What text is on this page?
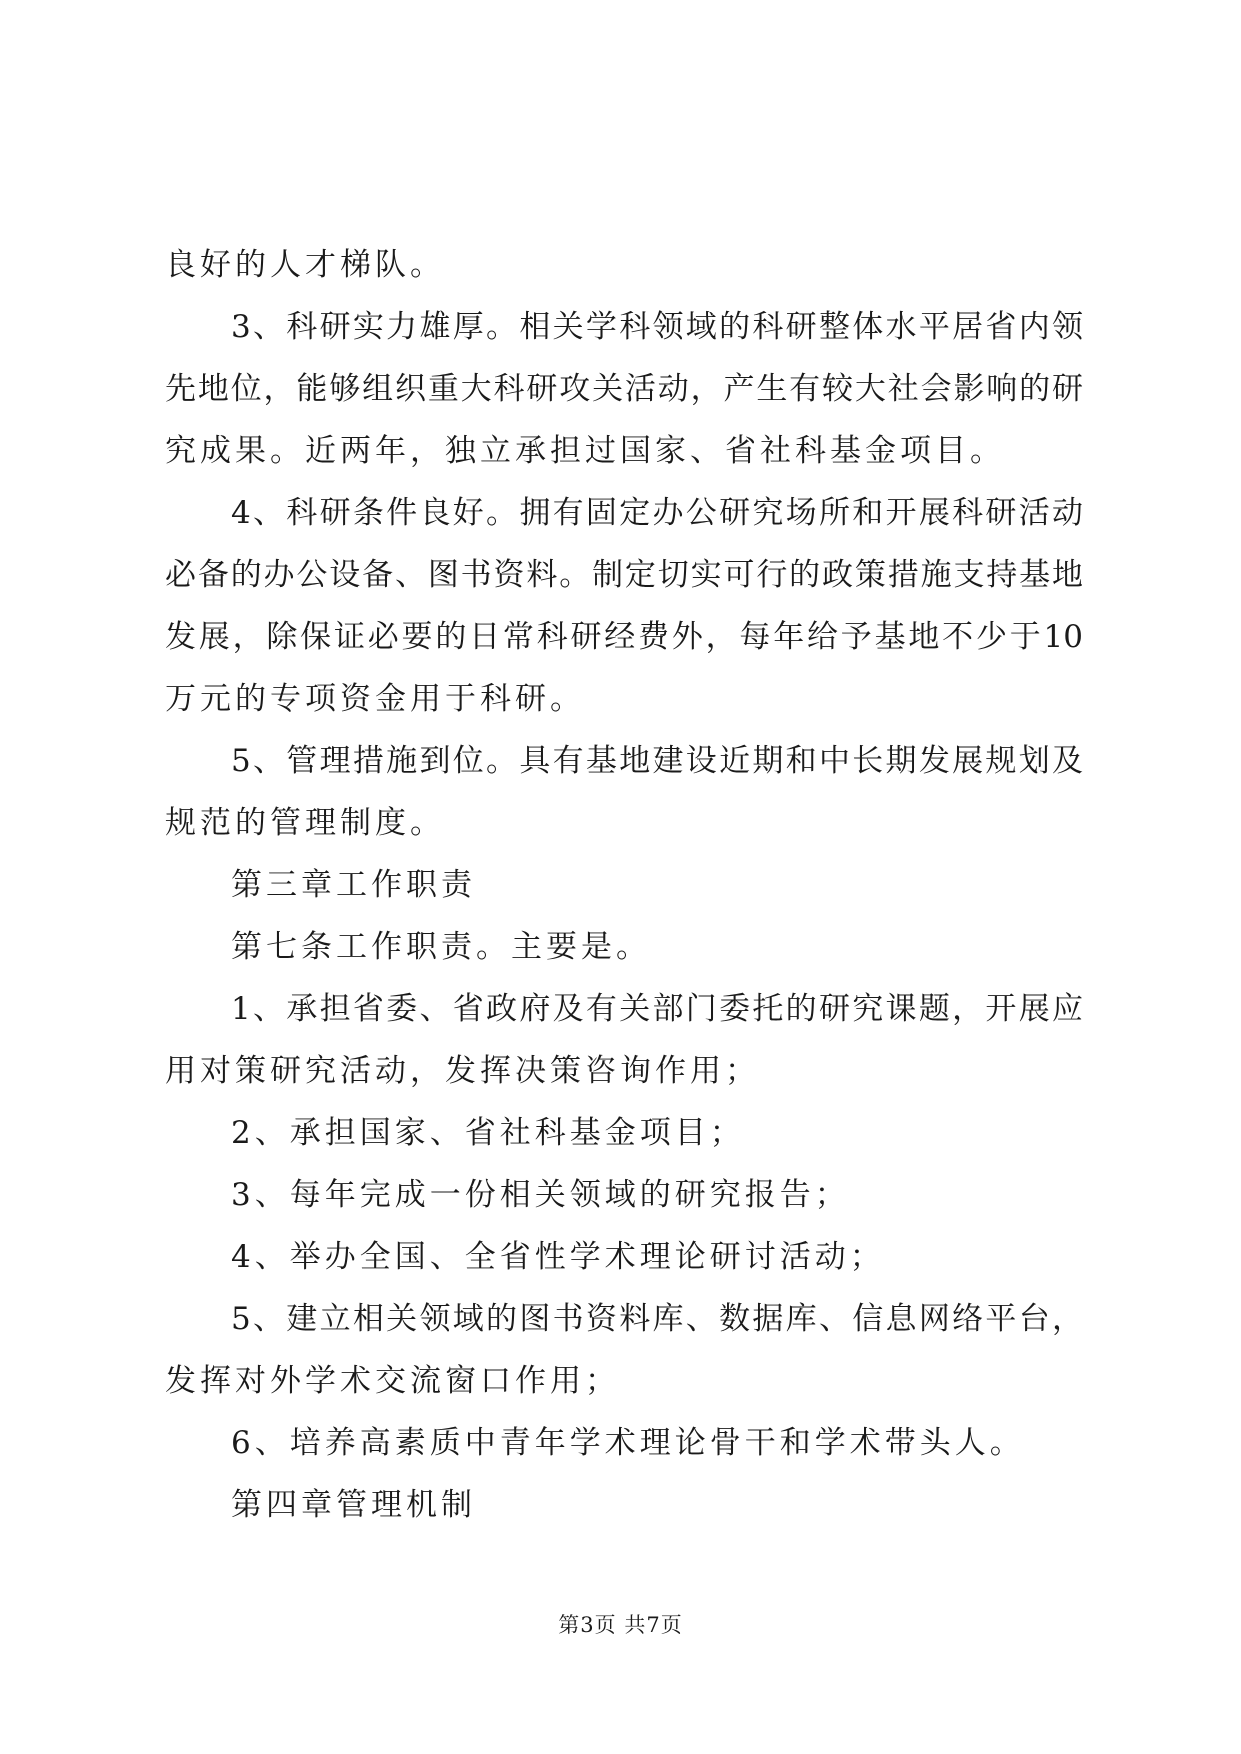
良好的人才梯队。
3、科研实力雄厚。相关学科领域的科研整体水平居省内领
先地位，能够组织重大科研攻关活动，产生有较大社会影响的研
究成果。近两年，独立承担过国家、省社科基金项目。
4、科研条件良好。拥有固定办公研究场所和开展科研活动
必备的办公设备、图书资料。制定切实可行的政策措施支持基地
发展，除保证必要的日常科研经费外，每年给予基地不少于10
万元的专项资金用于科研。
5、管理措施到位。具有基地建设近期和中长期发展规划及
规范的管理制度。
第三章工作职责
第七条工作职责。主要是。
1、承担省委、省政府及有关部门委托的研究课题，开展应
用对策研究活动，发挥决策咨询作用；
2、承担国家、省社科基金项目；
3、每年完成一份相关领域的研究报告；
4、举办全国、全省性学术理论研讨活动；
5、建立相关领域的图书资料库、数据库、信息网络平台，
发挥对外学术交流窗口作用；
6、培养高素质中青年学术理论骨干和学术带头人。
第四章管理机制
第3页 共7页
